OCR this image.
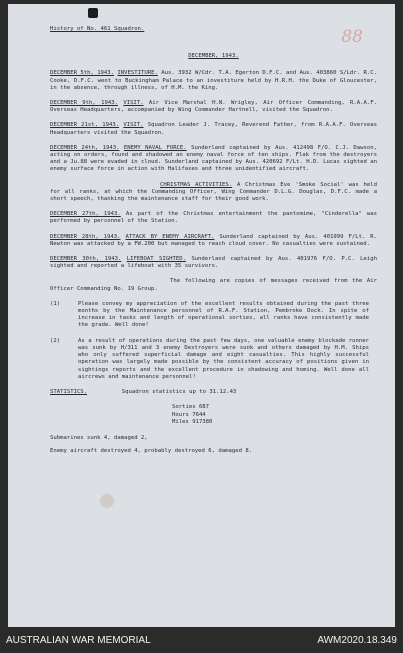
88
History of No. 461 Squadron.
DECEMBER, 1943.
DECEMBER 5th, 1943. INVESTITURE. Aus. 3932 W/Cdr. T.A. Egerton D.F.C. and Aus. 403860 S/Ldr. R.C. Cooke, D.F.C. went to Buckingham Palace to an investiture held by H.R.H. the Duke of Gloucester, in the absence, through illness, of H.M. the King.
DECEMBER 9th, 1943. VISIT. Air Vice Marshal H.N. Wrigley, Air Officer Commanding, R.A.A.F. Overseas Headquarters, accompanied by Wing Commander Hartnell, visited the Squadron.
DECEMBER 21st, 1943. VISIT. Squadron Leader J. Tracey, Reverend Father, from R.A.A.F. Overseas Headquarters visited the Squadron.
DECEMBER 24th, 1943. ENEMY NAVAL FORCE. Sunderland captained by Aus. 412498 F/O. C.J. Dawson, acting on orders, found and shadowed an enemy naval force of ten ships. Flak from the destroyers and a Ju.88 were evaded in cloud. Sunderland captained by Aus. 420692 F/Lt. H.D. Lucas sighted an enemy surface force in action with Halifaxes and three unidentified aircraft.
CHRISTMAS ACTIVITIES. A Christmas Eve 'Smoke Social' was held for all ranks, at which the Commanding Officer, Wing Commander D.L.G. Douglas, D.F.C. made a short speech, thanking the maintenance staff for their good work.
DECEMBER 27th, 1943. As part of the Christmas entertainment the pantomime, "Cinderella" was performed by personnel of the Station.
DECEMBER 28th, 1943. ATTACK BY ENEMY AIRCRAFT. Sunderland captained by Aus. 401999 F/Lt. R. Newton was attacked by a FW.200 but managed to reach cloud cover. No casualties were sustained.
DECEMBER 30th, 1943. LIFEBOAT SIGHTED. Sunderland captained by Aus. 401976 F/O. P.C. Leigh sighted and reported a lifeboat with 35 survivors.
The following are copies of messages received from the Air Officer Commanding No. 19 Group.
(1)	Please convey my appreciation of the excellent results obtained during the past three months by the Maintenance personnel of R.A.F. Station, Pembroke Dock. In spite of increase in tasks and length of operational sorties, all ranks have consistently made the grade. Well done!
(2)	As a result of operations during the past few days, one valuable enemy blockade runner was sunk by H/311 and 3 enemy Destroyers were sunk and others damaged by H.M. Ships who only suffered superficial damage and eight casualties. This highly successful operation was largely made possible by the consistent accuracy of positions given in sightings reports and the excellent procedure in shadowing and homing. Well done all aircrews and maintenance personnel!
STATISTICS.	Squadron statistics up to 31.12.43
Sorties 687
Hours 7644
Miles 917380
Submarines sunk 4, damaged 2,
Enemy aircraft destroyed 4, probably destroyed 6, damaged 8.
AUSTRALIAN WAR MEMORIAL	AWM2020.18.349
